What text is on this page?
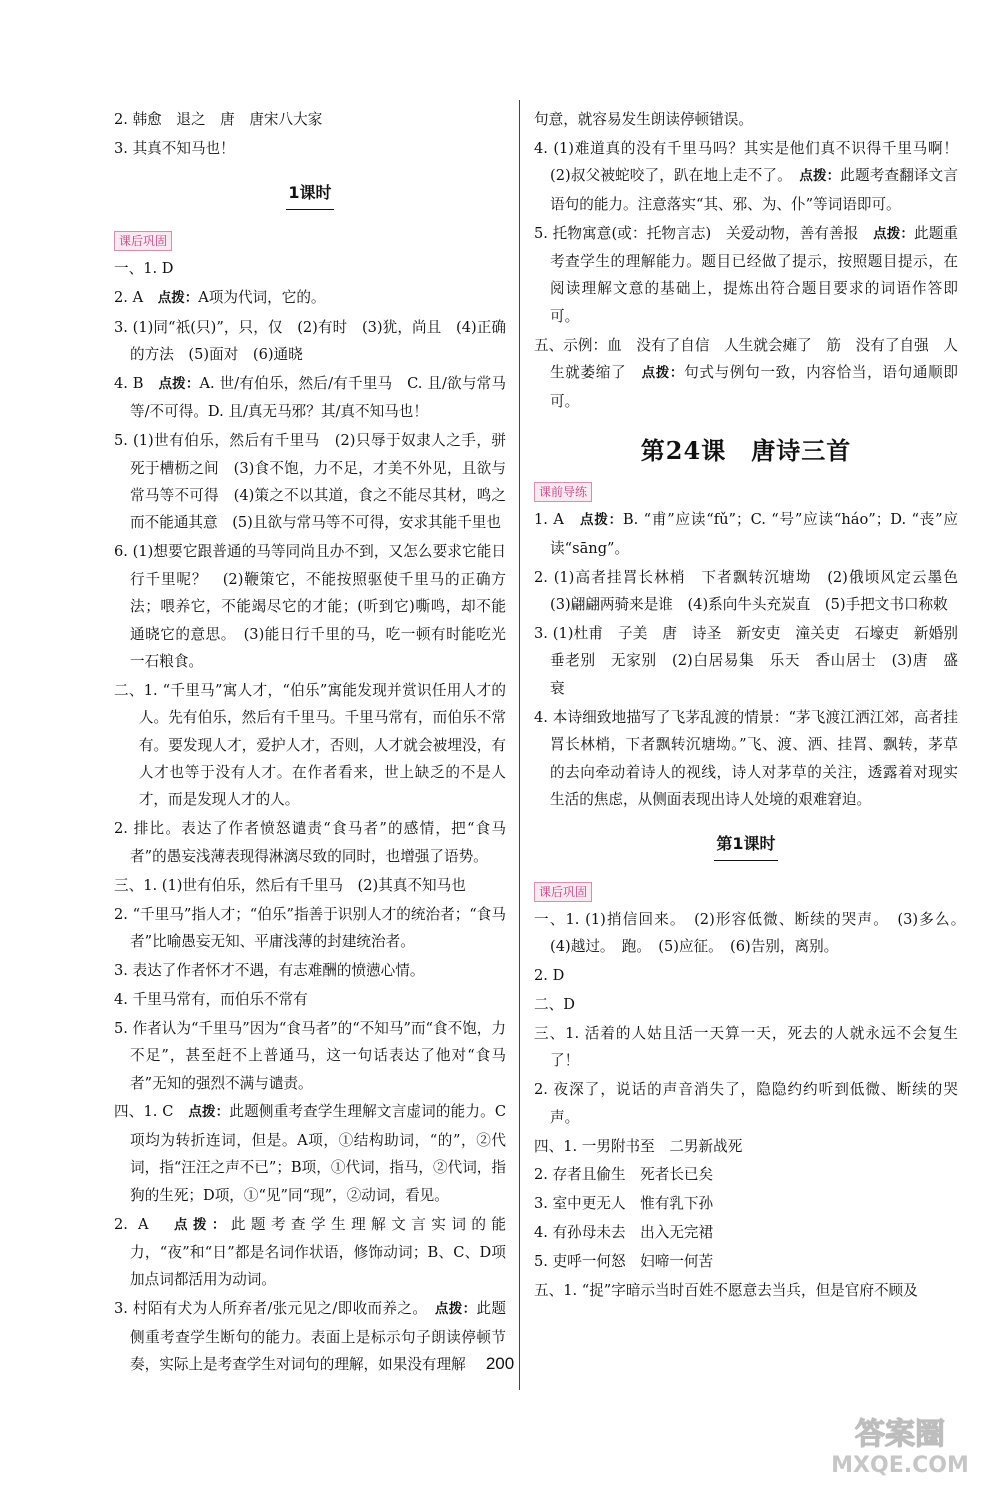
2. 韩愈　退之　唐　唐宋八大家

3. 其真不知马也！

1课时
课后巩固

一、1. D

2. A　 点拨：A项为代词，它的。

3. (1)同“祇(只)”，只，仅　(2)有时　(3)犹，尚且　(4)正确的方法　(5)面对　(6)通晓

4. B　 点拨：A. 世/有伯乐，然后/有千里马　C. 且/欲与常马等/不可得。D. 且/真无马邪？其/真不知马也！

5. (1)世有伯乐，然后有千里马　(2)只辱于奴隶人之手，骈死于槽枥之间　(3)食不饱，力不足，才美不外见，且欲与常马等不可得　(4)策之不以其道，食之不能尽其材，鸣之而不能通其意　(5)且欲与常马等不可得，安求其能千里也

6. (1)想要它跟普通的马等同尚且办不到，又怎么要求它能日行千里呢？　(2)鞭策它，不能按照驱使千里马的正确方法；喂养它，不能竭尽它的才能；(听到它)嘶鸣，却不能通晓它的意思。　(3)能日行千里的马，吃一顿有时能吃光一石粮食。

二、1. “千里马”寓人才，“伯乐”寓能发现并赏识任用人才的人。先有伯乐，然后有千里马。千里马常有，而伯乐不常有。要发现人才，爱护人才，否则，人才就会被埋没，有人才也等于没有人才。在作者看来，世上缺乏的不是人才，而是发现人才的人。

2. 排比。表达了作者愤怒谴责“食马者”的感情，把“食马者”的愚妄浅薄表现得淋漓尽致的同时，也增强了语势。

三、1. (1)世有伯乐，然后有千里马　(2)其真不知马也

2. “千里马”指人才；“伯乐”指善于识别人才的统治者；“食马者”比喻愚妄无知、平庸浅薄的封建统治者。

3. 表达了作者怀才不遇，有志难酬的愤懑心情。

4. 千里马常有，而伯乐不常有

5. 作者认为“千里马”因为“食马者”的“不知马”而“食不饱，力不足”，甚至赶不上普通马，这一句话表达了他对“食马者”无知的强烈不满与谴责。

四、1. C　 点拨：此题侧重考查学生理解文言虚词的能力。C项均为转折连词，但是。A项，①结构助词，“的”，②代词，指“汪汪之声不已”；B项，①代词，指马，②代词，指狗的生死；D项，①“见”同“现”，②动词，看见。

2. A　 点拨：此题考查学生理解文言实词的能力，“夜”和“日”都是名词作状语，修饰动词；B、C、D项加点词都活用为动词。

3. 村陌有犬为人所弃者/张元见之/即收而养之。　 点拨：此题侧重考查学生断句的能力。表面上是标示句子朗读停顿节奏，实际上是考查学生对词句的理解，如果没有理解

句意，就容易发生朗读停顿错误。

4. (1)难道真的没有千里马吗？其实是他们真不识得千里马啊！(2)叔父被蛇咬了，趴在地上走不了。　 点拨：此题考查翻译文言语句的能力。注意落实“其、邪、为、仆”等词语即可。

5. 托物寓意(或：托物言志)　关爱动物，善有善报　 点拨：此题重考查学生的理解能力。题目已经做了提示，按照题目提示，在阅读理解文意的基础上，提炼出符合题目要求的词语作答即可。

五、示例：血　没有了自信　人生就会瘫了　筋　没有了自强　人生就萎缩了　 点拨：句式与例句一致，内容恰当，语句通顺即可。

第24课　唐诗三首
课前导练

1. A　 点拨：B. “甫”应读“fǔ”；C. “号”应读“háo”；D. “丧”应读“sāng”。

2. (1)高者挂罥长林梢　下者飘转沉塘坳　(2)俄顷风定云墨色　(3)翩翩两骑来是谁　(4)系向牛头充炭直　(5)手把文书口称敕

3. (1)杜甫　子美　唐　诗圣　新安吏　潼关吏　石壕吏　新婚别　垂老别　无家别　(2)白居易集　乐天　香山居士　(3)唐　盛　衰

4. 本诗细致地描写了飞茅乱渡的情景：“茅飞渡江洒江郊，高者挂罥长林梢，下者飘转沉塘坳。”飞、渡、洒、挂罥、飘转，茅草的去向牵动着诗人的视线，诗人对茅草的关注，透露着对现实生活的焦虑，从侧面表现出诗人处境的艰难窘迫。

第1课时
课后巩固

一、1. (1)捎信回来。　(2)形容低微、断续的哭声。　(3)多么。　(4)越过。　跑。　(5)应征。　(6)告别，离别。

2. D

二、D

三、1. 活着的人姑且活一天算一天，死去的人就永远不会复生了！

2. 夜深了，说话的声音消失了，隐隐约约听到低微、断续的哭声。

四、1. 一男附书至　二男新战死

2. 存者且偷生　死者长已矣

3. 室中更无人　惟有乳下孙

4. 有孙母未去　出入无完裙

5. 吏呼一何怒　妇啼一何苦

五、1. “捉”字暗示当时百姓不愿意去当兵，但是官府不顾及

200
答案圈
MXQE.COM
